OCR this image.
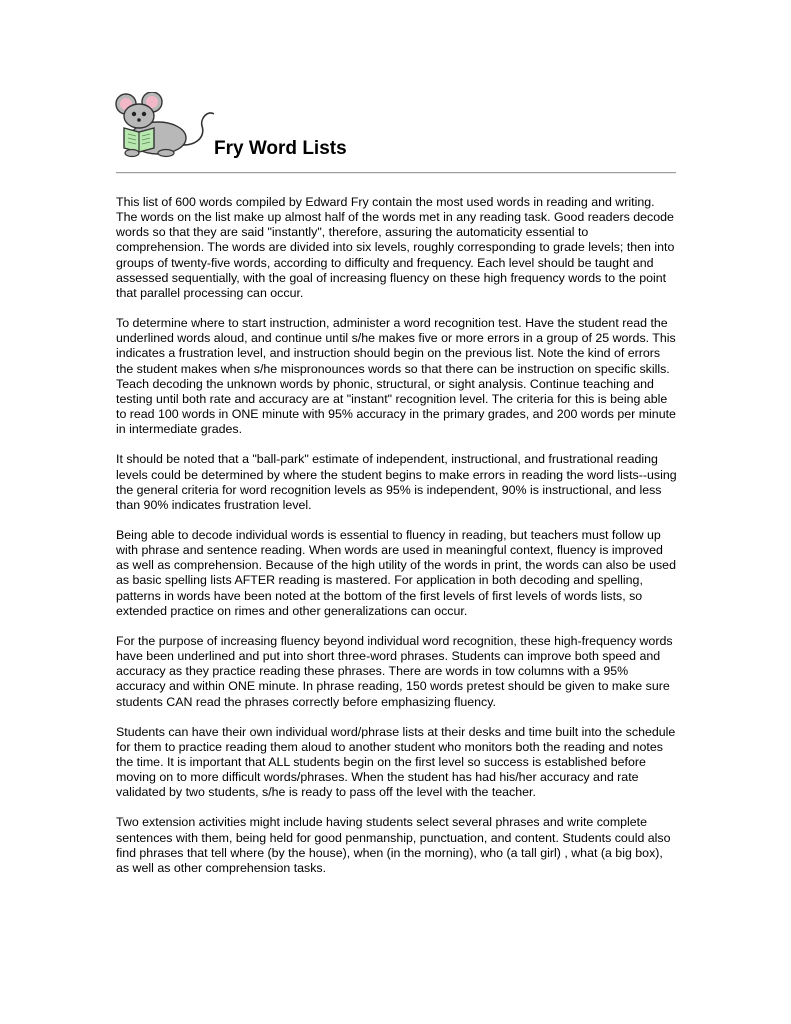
Fry Word Lists

This list of 600 words compiled by Edward Fry contain the most used words in reading and writing. The words on the list make up almost half of the words met in any reading task. Good readers decode words so that they are said "instantly", therefore, assuring the automaticity essential to comprehension. The words are divided into six levels, roughly corresponding to grade levels; then into groups of twenty-five words, according to difficulty and frequency. Each level should be taught and assessed sequentially, with the goal of increasing fluency on these high frequency words to the point that parallel processing can occur.

To determine where to start instruction, administer a word recognition test. Have the student read the underlined words aloud, and continue until s/he makes five or more errors in a group of 25 words. This indicates a frustration level, and instruction should begin on the previous list. Note the kind of errors the student makes when s/he mispronounces words so that there can be instruction on specific skills. Teach decoding the unknown words by phonic, structural, or sight analysis. Continue teaching and testing until both rate and accuracy are at "instant" recognition level. The criteria for this is being able to read 100 words in ONE minute with 95% accuracy in the primary grades, and 200 words per minute in intermediate grades.

It should be noted that a "ball-park" estimate of independent, instructional, and frustrational reading levels could be determined by where the student begins to make errors in reading the word lists--using the general criteria for word recognition levels as 95% is independent, 90% is instructional, and less than 90% indicates frustration level.

Being able to decode individual words is essential to fluency in reading, but teachers must follow up with phrase and sentence reading. When words are used in meaningful context, fluency is improved as well as comprehension. Because of the high utility of the words in print, the words can also be used as basic spelling lists AFTER reading is mastered. For application in both decoding and spelling, patterns in words have been noted at the bottom of the first levels of first levels of words lists, so extended practice on rimes and other generalizations can occur.

For the purpose of increasing fluency beyond individual word recognition, these high-frequency words have been underlined and put into short three-word phrases. Students can improve both speed and accuracy as they practice reading these phrases. There are words in tow columns with a 95% accuracy and within ONE minute. In phrase reading, 150 words pretest should be given to make sure students CAN read the phrases correctly before emphasizing fluency.

Students can have their own individual word/phrase lists at their desks and time built into the schedule for them to practice reading them aloud to another student who monitors both the reading and notes the time. It is important that ALL students begin on the first level so success is established before moving on to more difficult words/phrases. When the student has had his/her accuracy and rate validated by two students, s/he is ready to pass off the level with the teacher.

Two extension activities might include having students select several phrases and write complete sentences with them, being held for good penmanship, punctuation, and content. Students could also find phrases that tell where (by the house), when (in the morning), who (a tall girl) , what (a big box), as well as other comprehension tasks.
